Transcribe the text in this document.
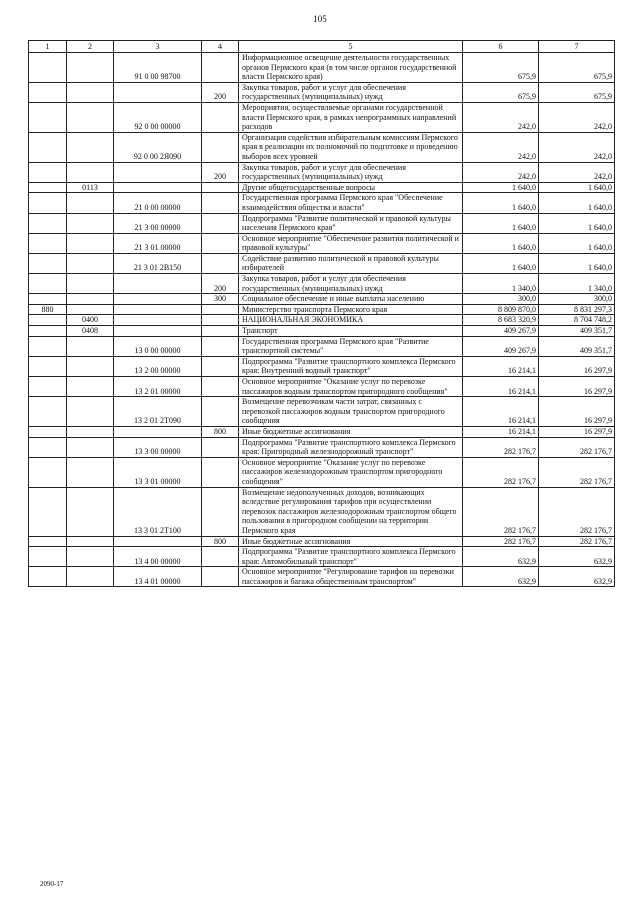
105
1	2	3	4	5	6	7
		91 0 00 98700		Информационное освещение деятельности государственных органов Пермского края (в том числе органов государственной власти Пермского края)	675,9	675,9
			200	Закупка товаров, работ и услуг для обеспечения государственных (муниципальных) нужд	675,9	675,9
		92 0 00 00000		Мероприятия, осуществляемые органами государственной власти Пермского края, в рамках непрограммных направлений расходов	242,0	242,0
		92 0 00 2Я090		Организация содействия избирательным комиссиям Пермского края в реализации их полномочий по подготовке и проведению выборов всех уровней	242,0	242,0
			200	Закупка товаров, работ и услуг для обеспечения государственных (муниципальных) нужд	242,0	242,0
	0113			Другие общегосударственные вопросы	1 640,0	1 640,0
		21 0 00 00000		Государственная программа Пермского края "Обеспечение взаимодействия общества и власти"	1 640,0	1 640,0
		21 3 00 00000		Подпрограмма "Развитие политической и правовой культуры населения Пермского края"	1 640,0	1 640,0
		21 3 01 00000		Основное мероприятие "Обеспечение развития политической и правовой культуры"	1 640,0	1 640,0
		21 3 01 2В150		Содействие развитию политической и правовой культуры избирателей	1 640,0	1 640,0
			200	Закупка товаров, работ и услуг для обеспечения государственных (муниципальных) нужд	1 340,0	1 340,0
			300	Социальное обеспечение и иные выплаты населению	300,0	300,0
880				Министерство транспорта Пермского края	8 809 870,0	8 831 297,3
	0400			НАЦИОНАЛЬНАЯ ЭКОНОМИКА	8 683 320,9	8 704 748,2
	0408			Транспорт	409 267,9	409 351,7
		13 0 00 00000		Государственная программа Пермского края "Развитие транспортной системы"	409 267,9	409 351,7
		13 2 00 00000		Подпрограмма "Развитие транспортного комплекса Пермского края: Внутренний водный транспорт"	16 214,1	16 297,9
		13 2 01 00000		Основное мероприятие "Оказание услуг по перевозке пассажиров водным транспортом пригородного сообщения"	16 214,1	16 297,9
		13 2 01 2Т090		Возмещение перевозчикам части затрат, связанных с перевозкой пассажиров водным транспортом пригородного сообщения	16 214,1	16 297,9
			800	Иные бюджетные ассигнования	16 214,1	16 297,9
		13 3 00 00000		Подпрограмма "Развитие транспортного комплекса Пермского края: Пригородный железнодорожный транспорт"	282 176,7	282 176,7
		13 3 01 00000		Основное мероприятие "Оказание услуг по перевозке пассажиров железнодорожным транспортом пригородного сообщения"	282 176,7	282 176,7
		13 3 01 2Т100		Возмещение недополученных доходов, возникающих вследствие регулирования тарифов при осуществлении перевозок пассажиров железнодорожным транспортом общего пользования в пригородном сообщении на территории Пермского края	282 176,7	282 176,7
			800	Иные бюджетные ассигнования	282 176,7	282 176,7
		13 4 00 00000		Подпрограмма "Развитие транспортного комплекса Пермского края: Автомобильный транспорт"	632,9	632,9
		13 4 01 00000		Основное мероприятие "Регулирование тарифов на перевозки пассажиров и багажа общественным транспортом"	632,9	632,9
2090-17
